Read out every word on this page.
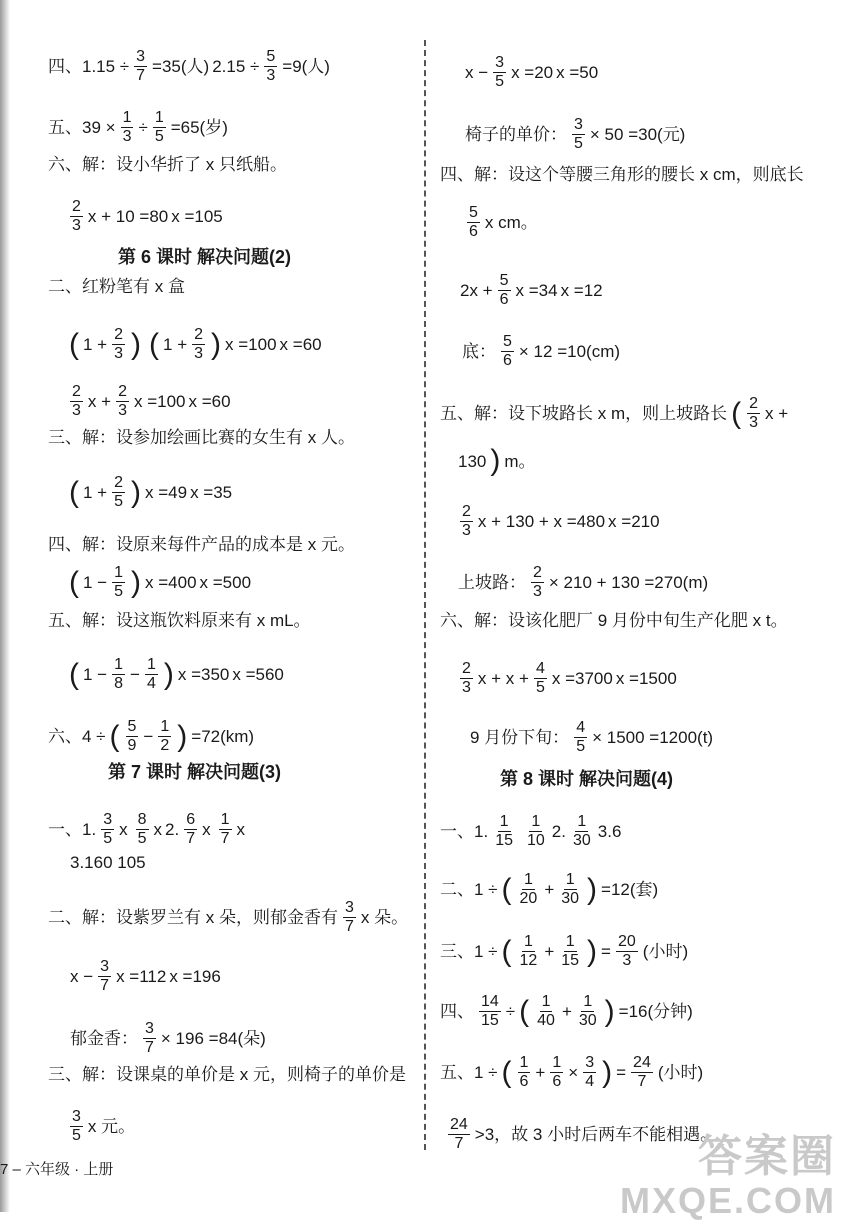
四、$1.15 \div \frac{3}{7} =35$(人) $2.15 \div \frac{5}{3} =9$(人)
五、$39 \times \frac{1}{3} \div \frac{1}{5} =65$(岁)
六、解：设小华折了 x 只纸船。
$\frac{2}{3}$ x + 10 =80 x =105
第 6 课时 解决问题(2)
二、红粉笔有 x 盒
( $1 + \frac{2}{3}$ ) ( $1 + \frac{2}{3}$ ) x =100 x =60
$\frac{2}{3}$ $x + \frac{2}{3}$ x =100 x =60
三、解：设参加绘画比赛的女生有 x 人。
( $1 + \frac{2}{5}$ ) x =49 x =35
四、解：设原来每件产品的成本是 x 元。
( $1 - \frac{1}{5}$ ) x =400 x =500
五、解：设这瓶饮料原来有 x mL。
( $1 - \frac{1}{8} - \frac{1}{4}$ ) x =350 x =560
六、4 ÷ ( $\frac{5}{9} - \frac{1}{2}$ ) =72(km)
第 7 课时 解决问题(3)
一、1. $\frac{3}{5}$ x $\frac{8}{5}$ x 2. $\frac{6}{7}$ x $\frac{1}{7}$ x
3.160 105
二、解：设紫罗兰有 x 朵，则郁金香有 $\frac{3}{7}$ x 朵。
$x - \frac{3}{7}$ x =112 x =196
郁金香： $\frac{3}{7} \times 196 =84$(朵)
三、解：设课桌的单价是 x 元，则椅子的单价是
$\frac{3}{5}$ x 元。
$x - \frac{3}{5}$ x =20 x =50
椅子的单价： $\frac{3}{5} \times 50 =30$(元)
四、解：设这个等腰三角形的腰长 x cm，则底长
$\frac{5}{6}$ x cm。
$2x + \frac{5}{6}$ x =34 x =12
底： $\frac{5}{6} \times 12 =10(cm)$
五、解：设下坡路长 x m，则上坡路长 ( $\frac{2}{3}$ x +
130 ) m。
$\frac{2}{3}$ x + 130 + x =480 x =210
上坡路： $\frac{2}{3} \times 210 + 130 =270(m)$
六、解：设该化肥厂 9 月份中旬生产化肥 x t。
$\frac{2}{3}$ $x + x + \frac{4}{5}$ x =3700 x =1500
9 月份下旬： $\frac{4}{5} \times 1500 =1200(t)$
第 8 课时 解决问题(4)
一、1. $\frac{1}{15} \frac{1}{10} 2$. $\frac{1}{30} 3.6$
二、1 ÷ ( $\frac{1}{20} + \frac{1}{30}$ ) =12(套)
三、1 ÷ ( $\frac{1}{12} + \frac{1}{15}$ ) = $\frac{20}{3}$ (小时)
四、 $\frac{14}{15}$ ÷ ( $\frac{1}{40} + \frac{1}{30}$ ) =16(分钟)
五、1 ÷ ( $\frac{1}{6} + \frac{1}{6} \times \frac{3}{4}$ ) = $\frac{24}{7}$ (小时)
$\frac{24}{7} >3$，故 3 小时后两车不能相遇。
7 – 六年级 · 上册	答案圈
MXQE.COM
